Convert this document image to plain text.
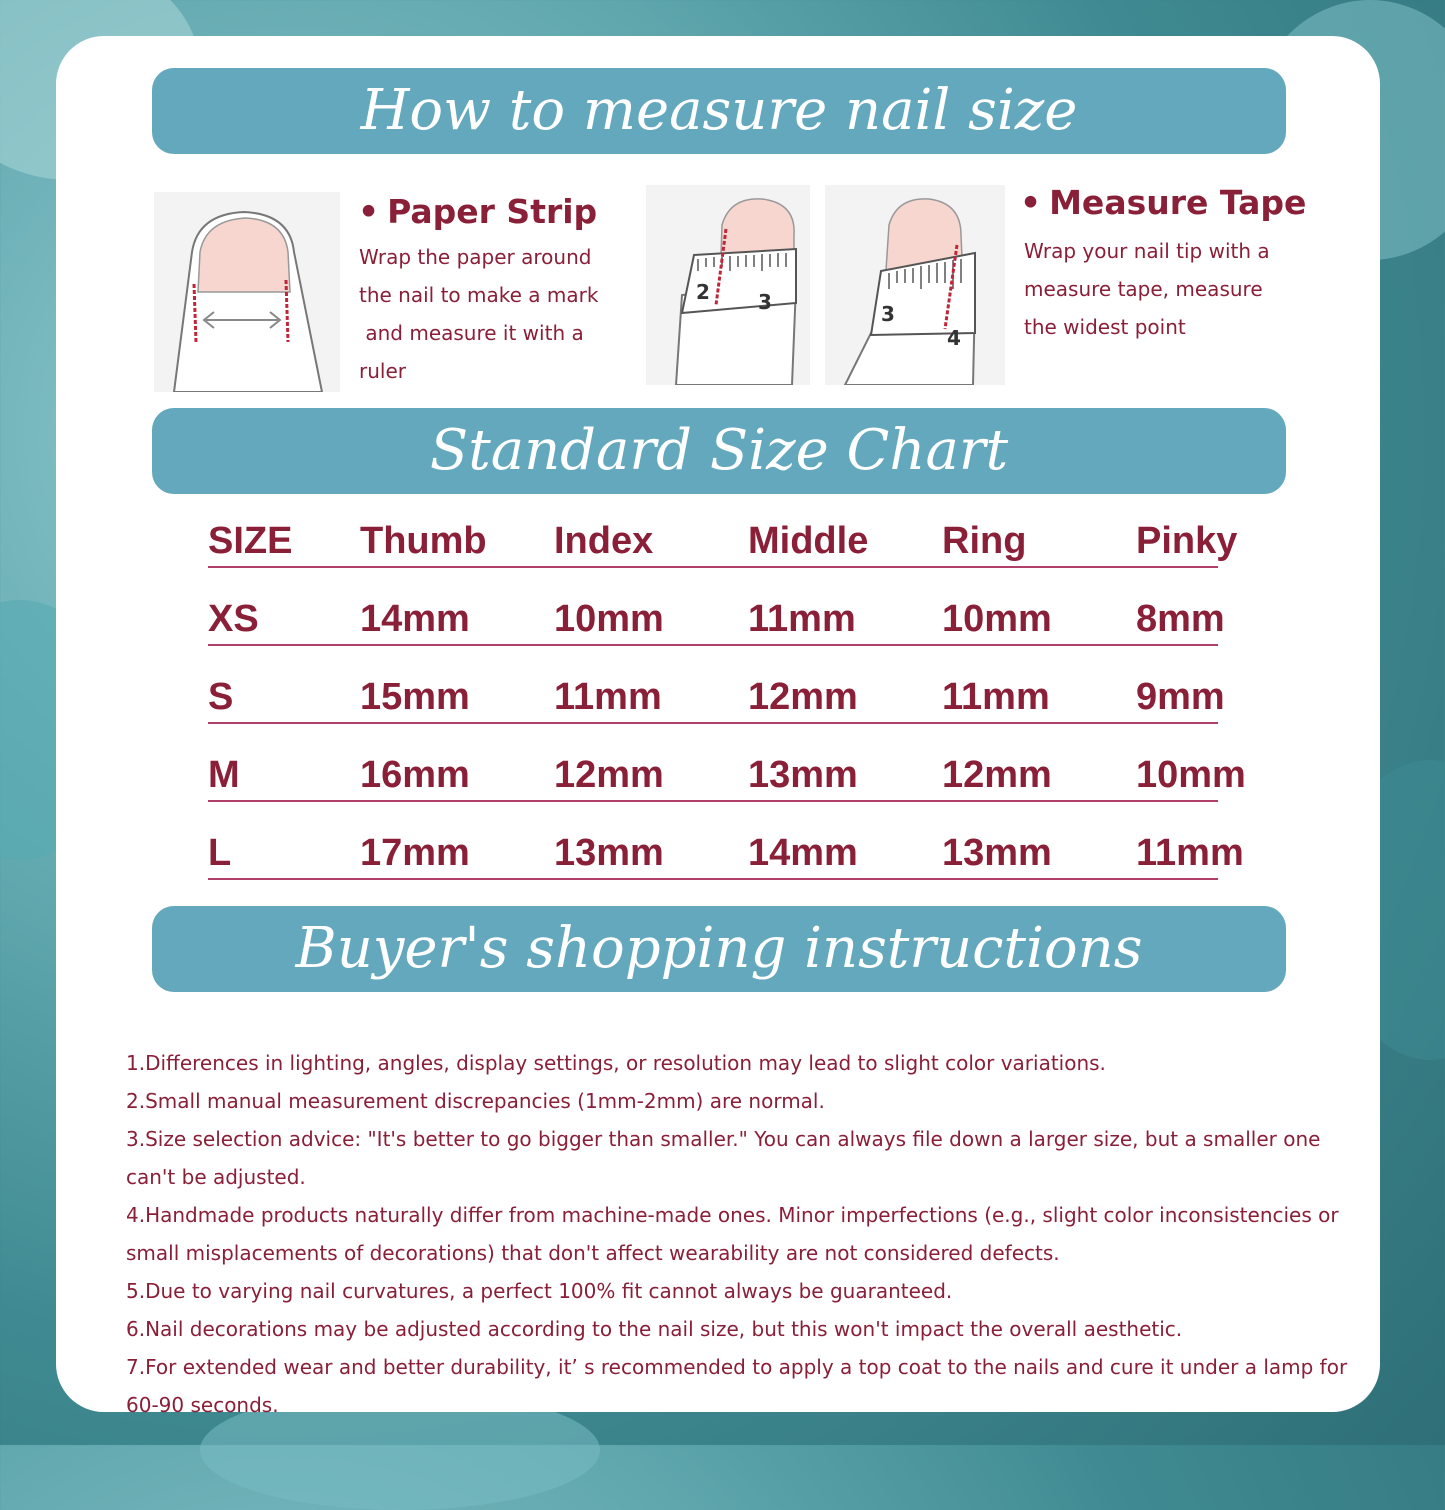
How to measure nail size
• Paper Strip
Wrap the paper around
the nail to make a mark
and measure it with a
ruler
2 3	3
4
• Measure Tape
Wrap your nail tip with a
measure tape, measure
the widest point
Standard Size Chart
SIZE Thumb Index Middle Ring	Pinky
XS	14mm 10mm 11mm 10mm 8mm
S	15mm 11mm 12mm 11mm 9mm
M	16mm 12mm 13mm 12mm 10mm
L	17mm 13mm 14mm 13mm 11mm
Buyer's shopping instructions

1.Differences in lighting, angles, display settings, or resolution may lead to slight color variations.

2.Small manual measurement discrepancies (1mm-2mm) are normal.

3.Size selection advice: "It's better to go bigger than smaller." You can always file down a larger size, but a smaller one can't be adjusted.

4.Handmade products naturally differ from machine-made ones. Minor imperfections (e.g., slight color inconsistencies or small misplacements of decorations) that don't affect wearability are not considered defects.

5.Due to varying nail curvatures, a perfect 100% fit cannot always be guaranteed.

6.Nail decorations may be adjusted according to the nail size, but this won't impact the overall aesthetic.

7.For extended wear and better durability, it’ s recommended to apply a top coat to the nails and cure it under a lamp for 60-90 seconds.
